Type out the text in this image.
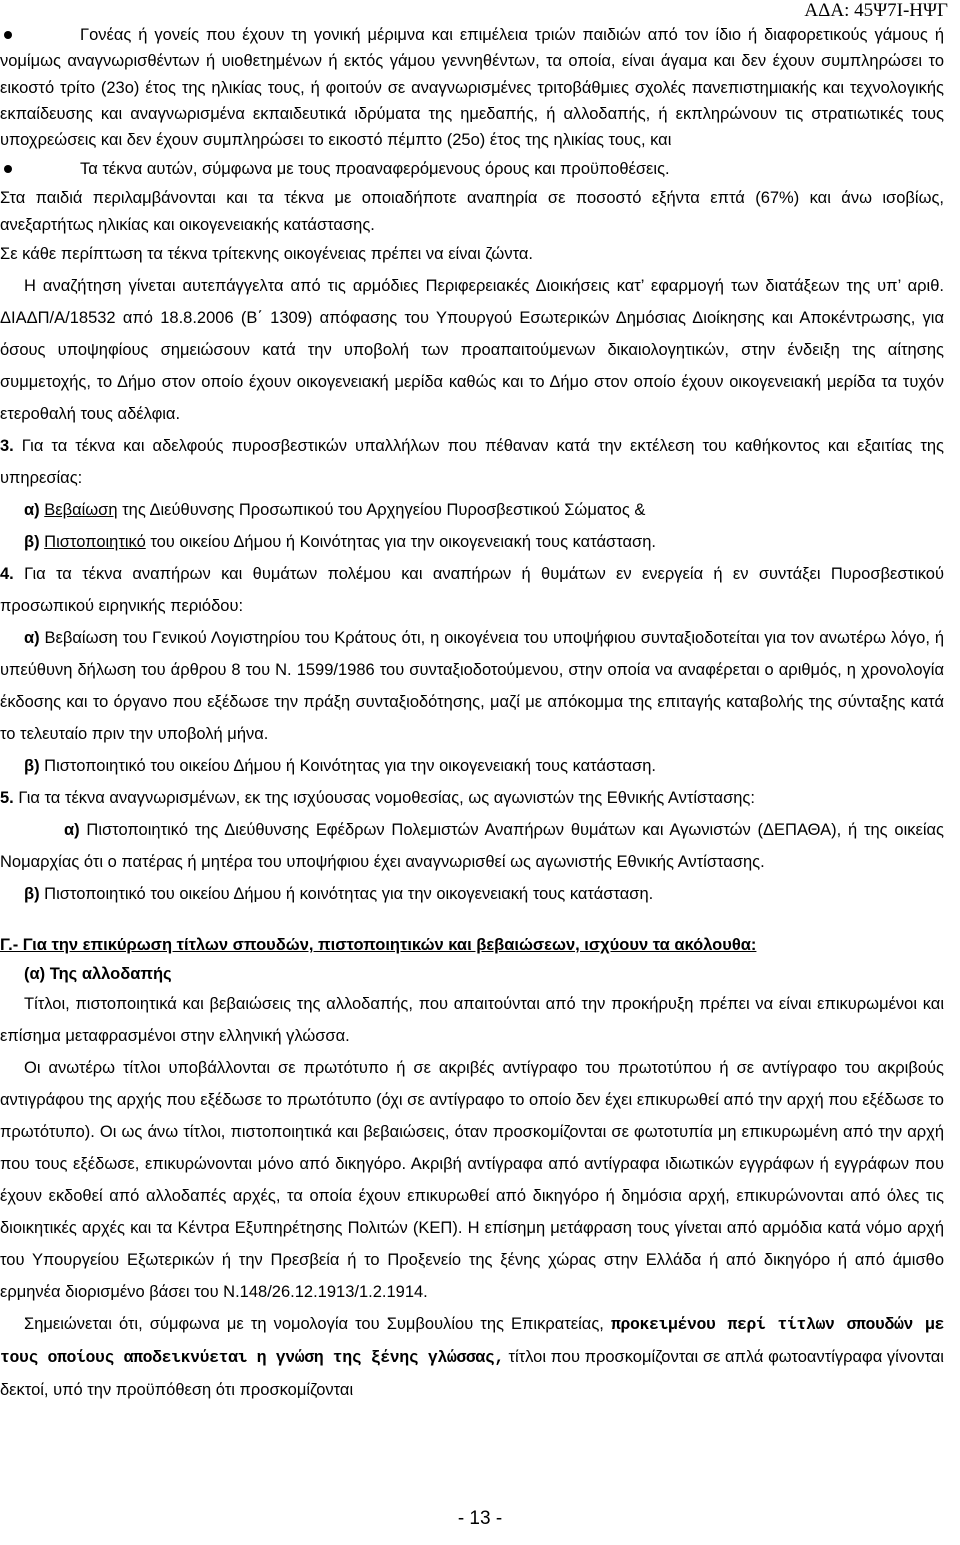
ΑΔΑ: 45Ψ7Ι-ΗΨΓ

Γονέας ή γονείς που έχουν τη γονική μέριμνα και επιμέλεια τριών παιδιών από τον ίδιο ή διαφορετικούς γάμους ή νομίμως αναγνωρισθέντων ή υιοθετημένων ή εκτός γάμου γεννηθέντων, τα οποία, είναι άγαμα και δεν έχουν συμπληρώσει το εικοστό τρίτο (23ο) έτος της ηλικίας τους, ή φοιτούν σε αναγνωρισμένες τριτοβάθμιες σχολές πανεπιστημιακής και τεχνολογικής εκπαίδευσης και αναγνωρισμένα εκπαιδευτικά ιδρύματα της ημεδαπής, ή αλλοδαπής, ή εκπληρώνουν τις στρατιωτικές τους υποχρεώσεις και δεν έχουν συμπληρώσει το εικοστό πέμπτο (25ο) έτος της ηλικίας τους, και

Τα τέκνα αυτών, σύμφωνα με τους προαναφερόμενους όρους και προϋποθέσεις.

Στα παιδιά περιλαμβάνονται και τα τέκνα με οποιαδήποτε αναπηρία σε ποσοστό εξήντα επτά (67%) και άνω ισοβίως, ανεξαρτήτως ηλικίας και οικογενειακής κατάστασης.

Σε κάθε περίπτωση τα τέκνα τρίτεκνης οικογένειας πρέπει να είναι ζώντα.

Η αναζήτηση γίνεται αυτεπάγγελτα από τις αρμόδιες Περιφερειακές Διοικήσεις κατ’ εφαρμογή των διατάξεων της υπ’ αριθ. ΔΙΑΔΠ/Α/18532 από 18.8.2006 (Β΄ 1309) απόφασης του Υπουργού Εσωτερικών Δημόσιας Διοίκησης και Αποκέντρωσης, για όσους υποψηφίους σημειώσουν κατά την υποβολή των προαπαιτούμενων δικαιολογητικών, στην ένδειξη της αίτησης συμμετοχής, το Δήμο στον οποίο έχουν οικογενειακή μερίδα καθώς και το Δήμο στον οποίο έχουν οικογενειακή μερίδα τα τυχόν ετεροθαλή τους αδέλφια.

3. Για τα τέκνα και αδελφούς πυροσβεστικών υπαλλήλων που πέθαναν κατά την εκτέλεση του καθήκοντος και εξαιτίας της υπηρεσίας:

α) Βεβαίωση της Διεύθυνσης Προσωπικού του Αρχηγείου Πυροσβεστικού Σώματος &

β) Πιστοποιητικό του οικείου Δήμου ή Κοινότητας για την οικογενειακή τους κατάσταση.

4. Για τα τέκνα αναπήρων και θυμάτων πολέμου και αναπήρων ή θυμάτων εν ενεργεία ή εν συντάξει Πυροσβεστικού προσωπικού ειρηνικής περιόδου:

α) Βεβαίωση του Γενικού Λογιστηρίου του Κράτους ότι, η οικογένεια του υποψήφιου συνταξιοδοτείται για τον ανωτέρω λόγο, ή υπεύθυνη δήλωση του άρθρου 8 του Ν. 1599/1986 του συνταξιοδοτούμενου, στην οποία να αναφέρεται ο αριθμός, η χρονολογία έκδοσης και το όργανο που εξέδωσε την πράξη συνταξιοδότησης, μαζί με απόκομμα της επιταγής καταβολής της σύνταξης κατά το τελευταίο πριν την υποβολή μήνα.

β) Πιστοποιητικό του οικείου Δήμου ή Κοινότητας για την οικογενειακή τους κατάσταση.

5. Για τα τέκνα αναγνωρισμένων, εκ της ισχύουσας νομοθεσίας, ως αγωνιστών της Εθνικής Αντίστασης:

α) Πιστοποιητικό της Διεύθυνσης Εφέδρων Πολεμιστών Αναπήρων θυμάτων και Αγωνιστών (ΔΕΠΑΘΑ), ή της οικείας Νομαρχίας ότι ο πατέρας ή μητέρα του υποψήφιου έχει αναγνωρισθεί ως αγωνιστής Εθνικής Αντίστασης.

β) Πιστοποιητικό του οικείου Δήμου ή κοινότητας για την οικογενειακή τους κατάσταση.

Γ.- Για την επικύρωση τίτλων σπουδών, πιστοποιητικών και βεβαιώσεων, ισχύουν τα ακόλουθα:

(α) Της αλλοδαπής

Τίτλοι, πιστοποιητικά και βεβαιώσεις της αλλοδαπής, που απαιτούνται από την προκήρυξη πρέπει να είναι επικυρωμένοι και επίσημα μεταφρασμένοι στην ελληνική γλώσσα.

Οι ανωτέρω τίτλοι υποβάλλονται σε πρωτότυπο ή σε ακριβές αντίγραφο του πρωτοτύπου ή σε αντίγραφο του ακριβούς αντιγράφου της αρχής που εξέδωσε το πρωτότυπο (όχι σε αντίγραφο το οποίο δεν έχει επικυρωθεί από την αρχή που εξέδωσε το πρωτότυπο). Οι ως άνω τίτλοι, πιστοποιητικά και βεβαιώσεις, όταν προσκομίζονται σε φωτοτυπία μη επικυρωμένη από την αρχή που τους εξέδωσε, επικυρώνονται μόνο από δικηγόρο. Ακριβή αντίγραφα από αντίγραφα ιδιωτικών εγγράφων ή εγγράφων που έχουν εκδοθεί από αλλοδαπές αρχές, τα οποία έχουν επικυρωθεί από δικηγόρο ή δημόσια αρχή, επικυρώνονται από όλες τις διοικητικές αρχές και τα Κέντρα Εξυπηρέτησης Πολιτών (ΚΕΠ). Η επίσημη μετάφραση τους γίνεται από αρμόδια κατά νόμο αρχή του Υπουργείου Εξωτερικών ή την Πρεσβεία ή το Προξενείο της ξένης χώρας στην Ελλάδα ή από δικηγόρο ή από άμισθο ερμηνέα διορισμένο βάσει του Ν.148/26.12.1913/1.2.1914.

Σημειώνεται ότι, σύμφωνα με τη νομολογία του Συμβουλίου της Επικρατείας, προκειμένου περί τίτλων σπουδών με τους οποίους αποδεικνύεται η γνώση της ξένης γλώσσας, τίτλοι που προσκομίζονται σε απλά φωτοαντίγραφα γίνονται δεκτοί, υπό την προϋπόθεση ότι προσκομίζονται

- 13 -
